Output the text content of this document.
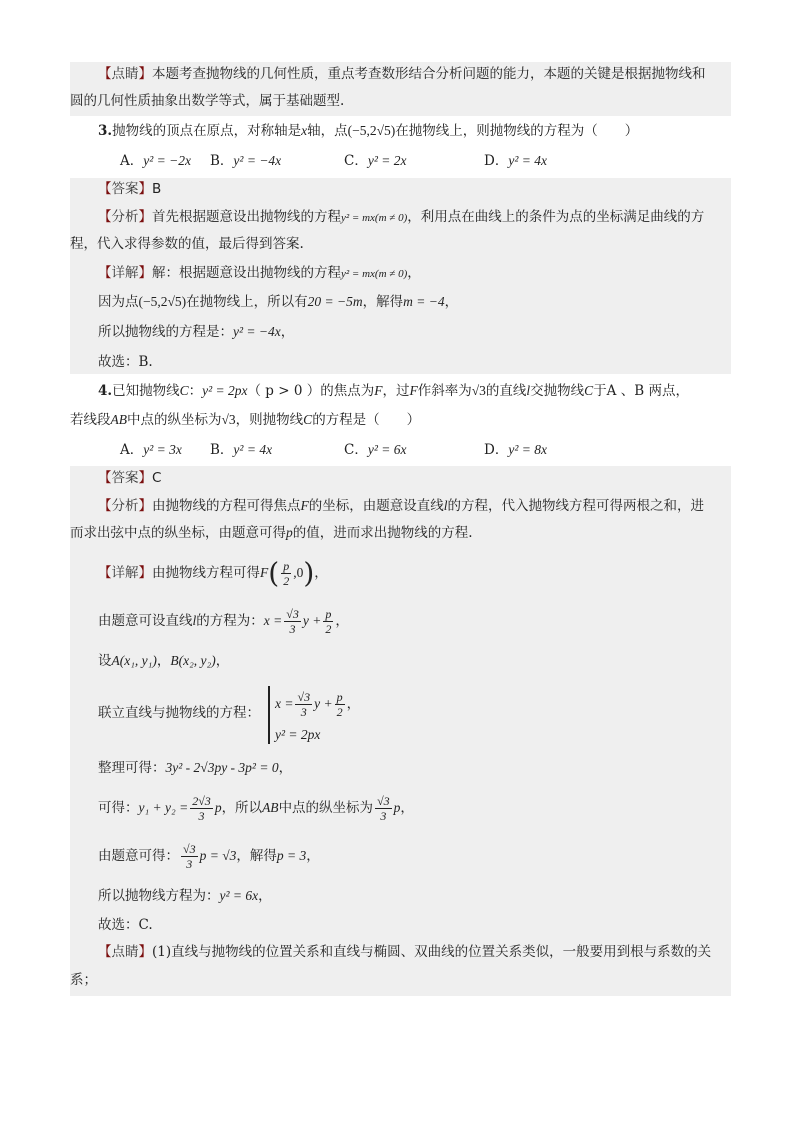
【点睛】本题考查抛物线的几何性质，重点考查数形结合分析问题的能力，本题的关键是根据抛物线和
圆的几何性质抽象出数学等式，属于基础题型.
3.抛物线的顶点在原点，对称轴是x轴，点(−5,2√5)在抛物线上，则抛物线的方程为（　　）
A．y² = −2x B．y² = −4x	C．y² = 2x	D．y² = 4x
【答案】B
【分析】首先根据题意设出抛物线的方程y² = mx(m ≠ 0)，利用点在曲线上的条件为点的坐标满足曲线的方
程，代入求得参数的值，最后得到答案.
【详解】解：根据题意设出抛物线的方程y² = mx(m ≠ 0)，
因为点(−5,2√5)在抛物线上，所以有20 = −5m，解得m = −4，
所以抛物线的方程是：y² = −4x，
故选：B.
4.已知抛物线C：y² = 2px（ p > 0 ）的焦点为F，过F作斜率为√3的直线l交抛物线C于A 、B 两点，
若线段AB中点的纵坐标为√3，则抛物线C的方程是（　　）
A．y² = 3x B．y² = 4x	C．y² = 6x	D．y² = 8x
【答案】C
【分析】由抛物线的方程可得焦点F的坐标，由题意设直线l的方程，代入抛物线方程可得两根之和，进
而求出弦中点的纵坐标，由题意可得p的值，进而求出抛物线的方程.
【详解】由抛物线方程可得$F( \frac{p}{2} ,0)$，
由题意可设直线l的方程为：$x = \frac{√3}{3}$ $y + \frac{p}{2}$ ，
设A(x₁, y₁)，B(x₂, y₂)，
联立直线与抛物线的方程：
$x = \frac{√3}{3}$ $y + \frac{p}{2}$ ，
y² = 2px
整理可得：3y² - 2√3py - 3p² = 0，
可得：$y_1 + y_2 = \frac{2√3}{3}$ p，所以AB中点的纵坐标为 $\frac{√3}{3}$ p，
由题意可得： $\frac{√3}{3}$ p = √3，解得p = 3，
所以抛物线方程为：y² = 6x，
故选：C.
【点睛】(1)直线与抛物线的位置关系和直线与椭圆、双曲线的位置关系类似，一般要用到根与系数的关
系；
